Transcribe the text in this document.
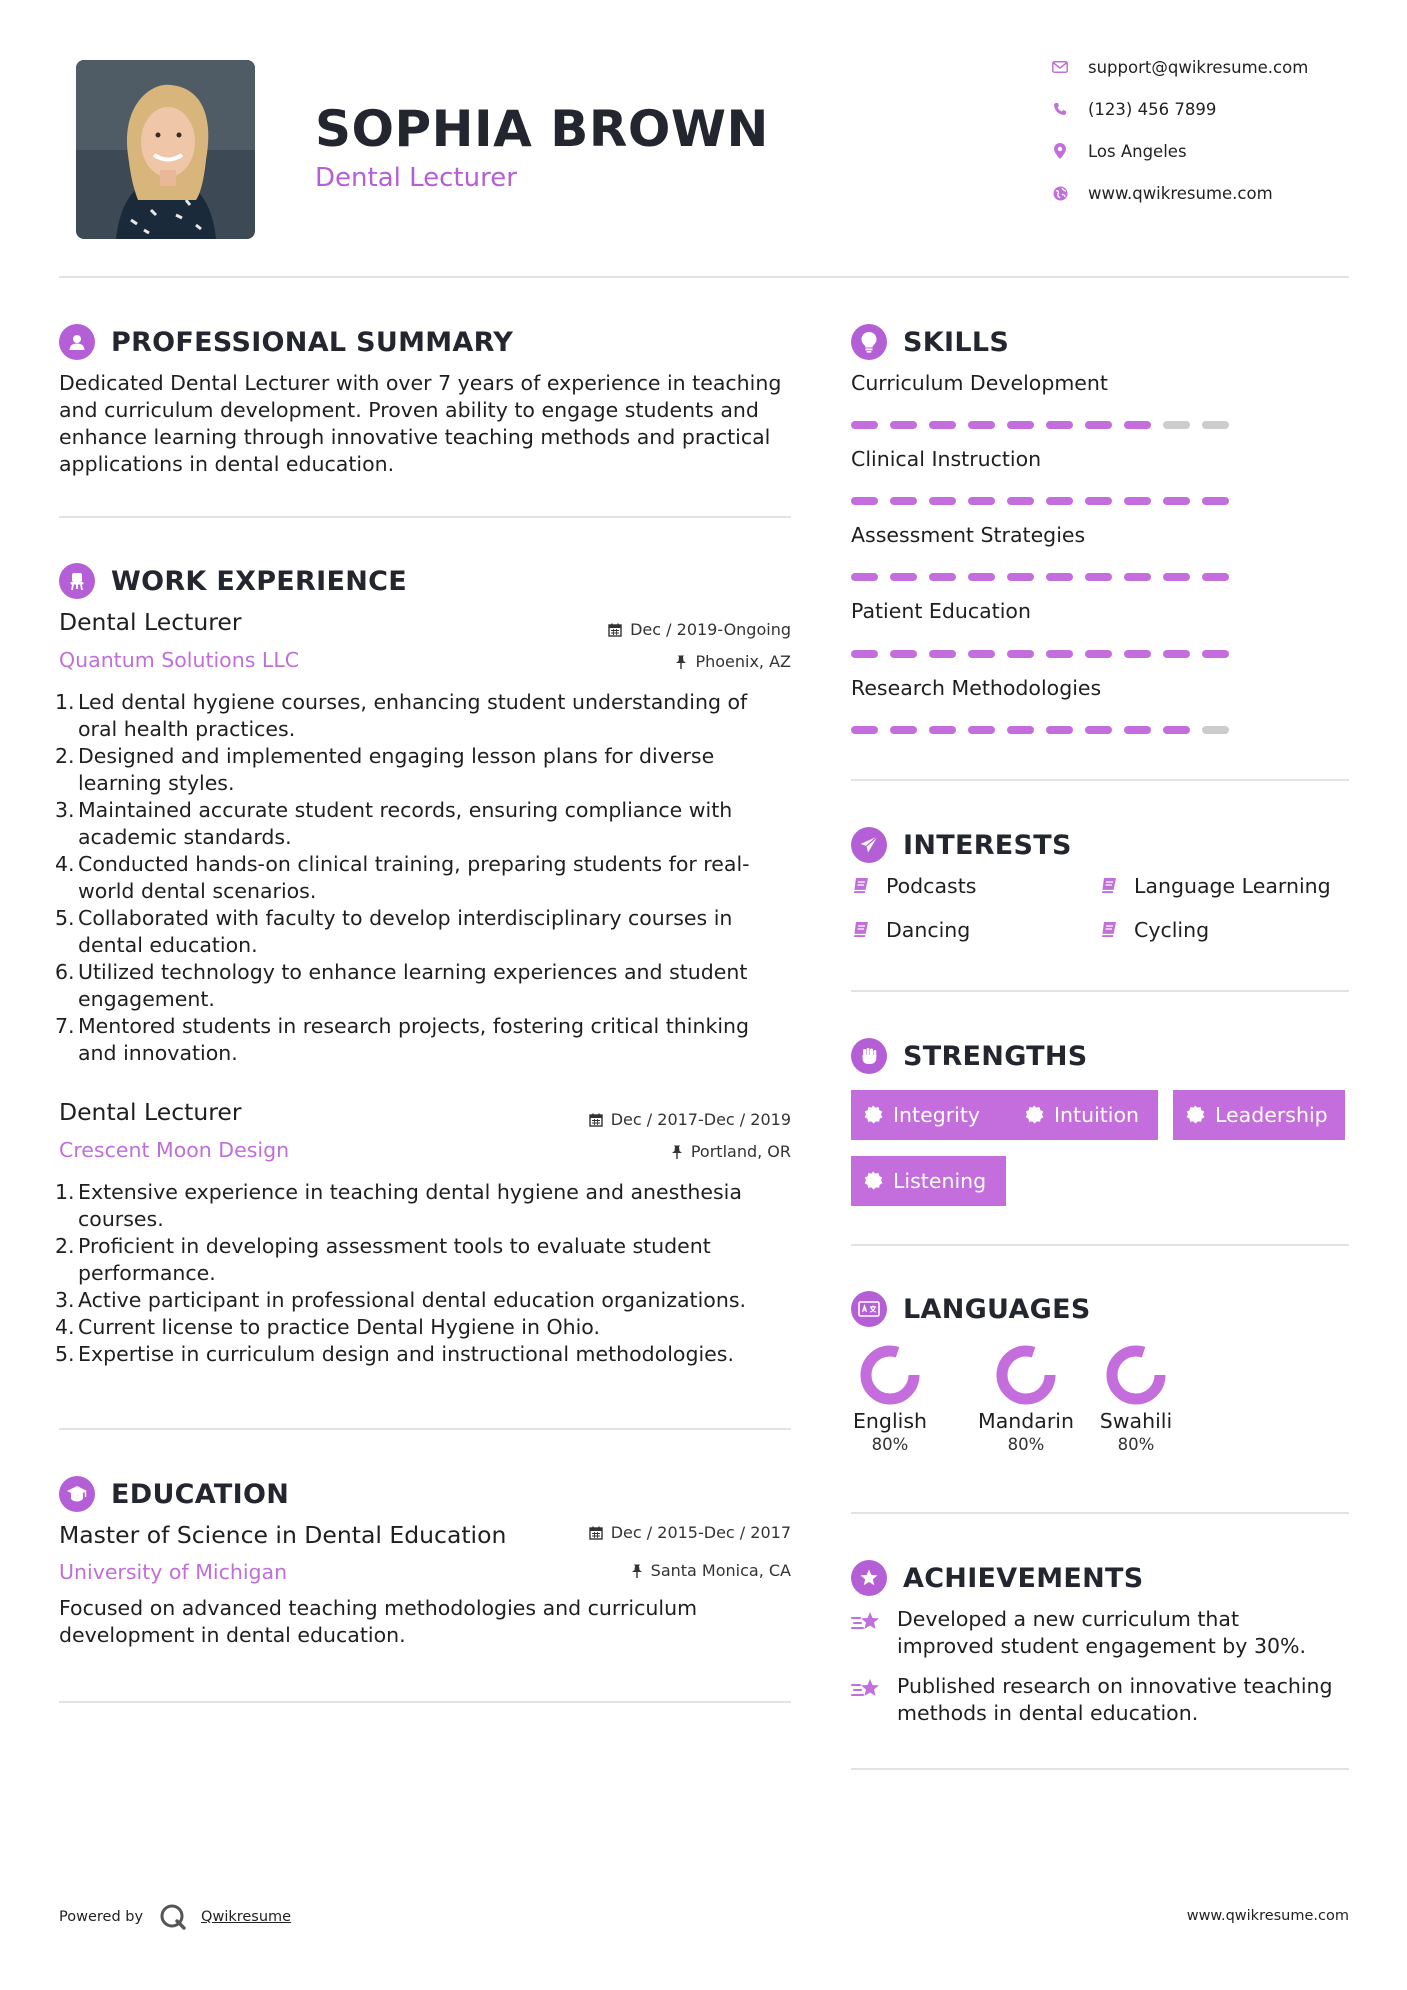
SOPHIA BROWN
Dental Lecturer
support@qwikresume.com
(123) 456 7899
Los Angeles
www.qwikresume.com
PROFESSIONAL SUMMARY
Dedicated Dental Lecturer with over 7 years of experience in teaching
and curriculum development. Proven ability to engage students and
enhance learning through innovative teaching methods and practical
applications in dental education.
WORK EXPERIENCE
Dental Lecturer	Dec / 2019-Ongoing
Quantum Solutions LLC	Phoenix, AZ
1. Led dental hygiene courses, enhancing student understanding of
oral health practices.
2. Designed and implemented engaging lesson plans for diverse
learning styles.
3. Maintained accurate student records, ensuring compliance with
academic standards.
4. Conducted hands-on clinical training, preparing students for real-
world dental scenarios.
5. Collaborated with faculty to develop interdisciplinary courses in
dental education.
6. Utilized technology to enhance learning experiences and student
engagement.
7. Mentored students in research projects, fostering critical thinking
and innovation.
Dental Lecturer	Dec / 2017-Dec / 2019
Crescent Moon Design	Portland, OR
1. Extensive experience in teaching dental hygiene and anesthesia
courses.
2. Proficient in developing assessment tools to evaluate student
performance.
3. Active participant in professional dental education organizations.
4. Current license to practice Dental Hygiene in Ohio.
5. Expertise in curriculum design and instructional methodologies.
EDUCATION
Master of Science in Dental Education	Dec / 2015-Dec / 2017
University of Michigan	Santa Monica, CA
Focused on advanced teaching methodologies and curriculum
development in dental education.
SKILLS
Curriculum Development
Clinical Instruction
Assessment Strategies
Patient Education
Research Methodologies
INTERESTS
Podcasts	Language Learning
Dancing	Cycling
STRENGTHS
Integrity	Intuition	Leadership
Listening
LANGUAGES
English
80%
Mandarin
80%
Swahili
80%
ACHIEVEMENTS
Developed a new curriculum that
improved student engagement by 30%.
Published research on innovative teaching
methods in dental education.
Powered by	Qwikresume	www.qwikresume.com
